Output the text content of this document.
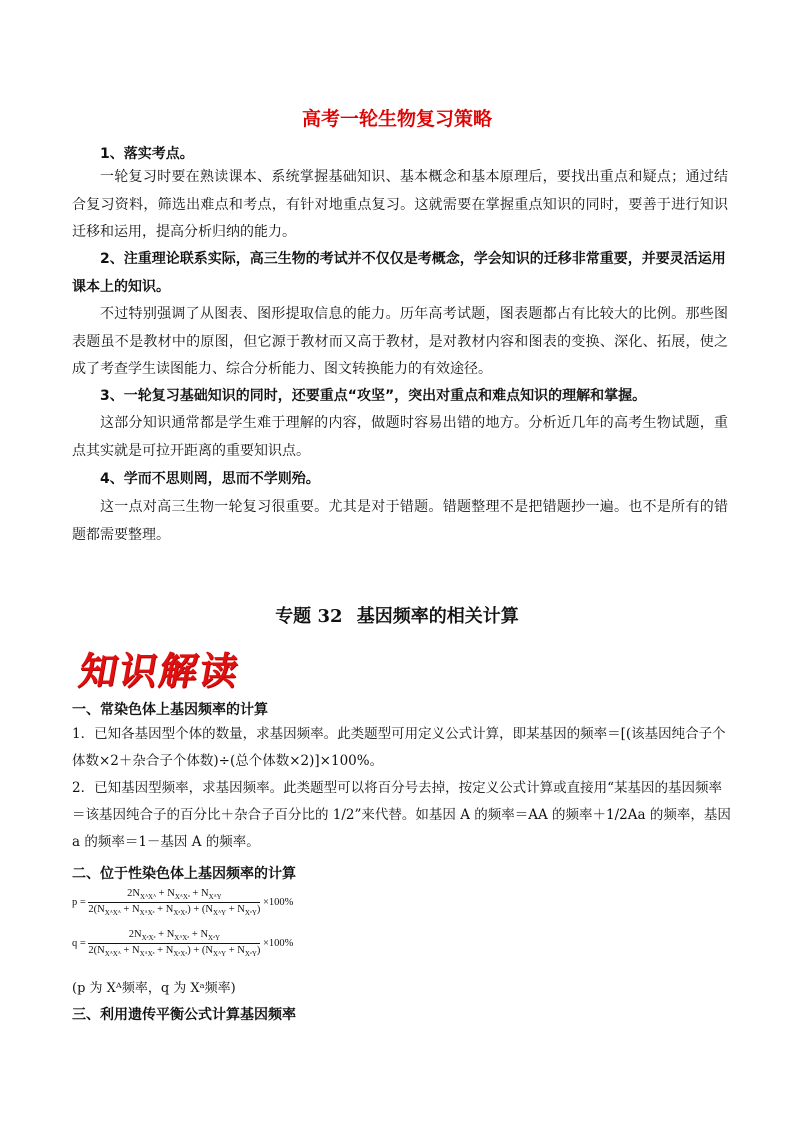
高考一轮生物复习策略
1、落实考点。
一轮复习时要在熟读课本、系统掌握基础知识、基本概念和基本原理后，要找出重点和疑点；通过结合复习资料，筛选出难点和考点，有针对地重点复习。这就需要在掌握重点知识的同时，要善于进行知识迁移和运用，提高分析归纳的能力。
2、注重理论联系实际，高三生物的考试并不仅仅是考概念，学会知识的迁移非常重要，并要灵活运用课本上的知识。
不过特别强调了从图表、图形提取信息的能力。历年高考试题，图表题都占有比较大的比例。那些图表题虽不是教材中的原图，但它源于教材而又高于教材，是对教材内容和图表的变换、深化、拓展，使之成了考查学生读图能力、综合分析能力、图文转换能力的有效途径。
3、一轮复习基础知识的同时，还要重点“攻坚”，突出对重点和难点知识的理解和掌握。
这部分知识通常都是学生难于理解的内容，做题时容易出错的地方。分析近几年的高考生物试题，重点其实就是可拉开距离的重要知识点。
4、学而不思则罔，思而不学则殆。
这一点对高三生物一轮复习很重要。尤其是对于错题。错题整理不是把错题抄一遍。也不是所有的错题都需要整理。
专题 32 基因频率的相关计算
知识解读
一、常染色体上基因频率的计算
1．已知各基因型个体的数量，求基因频率。此类题型可用定义公式计算，即某基因的频率＝[(该基因纯合子个体数×2＋杂合子个体数)÷(总个体数×2)]×100%。
2．已知基因型频率，求基因频率。此类题型可以将百分号去掉，按定义公式计算或直接用“某基因的基因频率＝该基因纯合子的百分比＋杂合子百分比的 1/2”来代替。如基因 A 的频率＝AA 的频率＋1/2Aa 的频率，基因 a 的频率＝1－基因 A 的频率。
二、位于性染色体上基因频率的计算
$p = \frac{2N_{XᴬXᴬ} + N_{XᴬXᵃ} + N_{XᴬY}}{2(N_{XᴬXᴬ} + N_{XᴬXᵃ} + N_{XᵃXᵃ}) + (N_{XᴬY} + N_{XᵃY})} \times 100\%$
$q = \frac{2N_{XᵃXᵃ} + N_{XᴬXᵃ} + N_{XᵃY}}{2(N_{XᴬXᴬ} + N_{XᴬXᵃ} + N_{XᵃXᵃ}) + (N_{XᴬY} + N_{XᵃY})} \times 100\%$
(p 为 Xᴬ频率，q 为 Xᵃ频率)
三、利用遗传平衡公式计算基因频率
